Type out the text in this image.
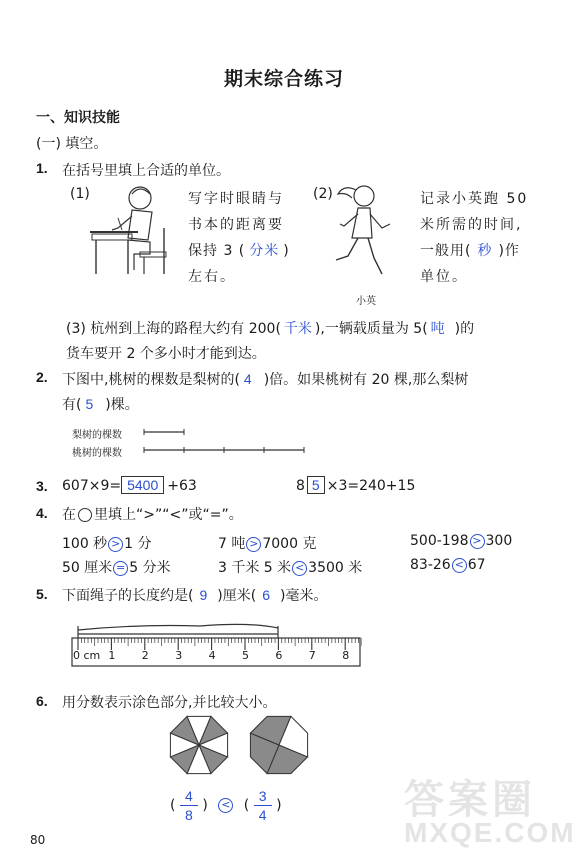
期末综合练习
一、知识技能
(一) 填空。
1. 在括号里填上合适的单位。
(1)	写字时眼睛与
书本的距离要
保持 3 ( 分米 )
左右。
(2)
小英
记录小英跑 50
米所需的时间,
一般用( 秒 )作
单位。
(3) 杭州到上海的路程大约有 200( 千米 ),一辆载质量为 5( 吨 )的
货车要开 2 个多小时才能到达。
2. 下图中,桃树的棵数是梨树的( 4 )倍。如果桃树有 20 棵,那么梨树
有( 5 )棵。
梨树的棵数
桃树的棵数
3. 607×9= 5400 +63	8 5 ×3=240+15
4. 在 里填上“>”“<”或“=”。
100 秒 > 1 分	7 吨 > 7000 克	500-198 > 300
50 厘米 = 5 分米	3 千米 5 米 < 3500 米	83-26 < 67
5. 下面绳子的长度约是( 9 )厘米( 6 )毫米。
0 cm 1 2 3 4 5 6 7 8
6. 用分数表示涂色部分,并比较大小。
( $\frac{4}{8}$ ) < ( $\frac{3}{4}$ )
80
答案圈
MXQE.COM
